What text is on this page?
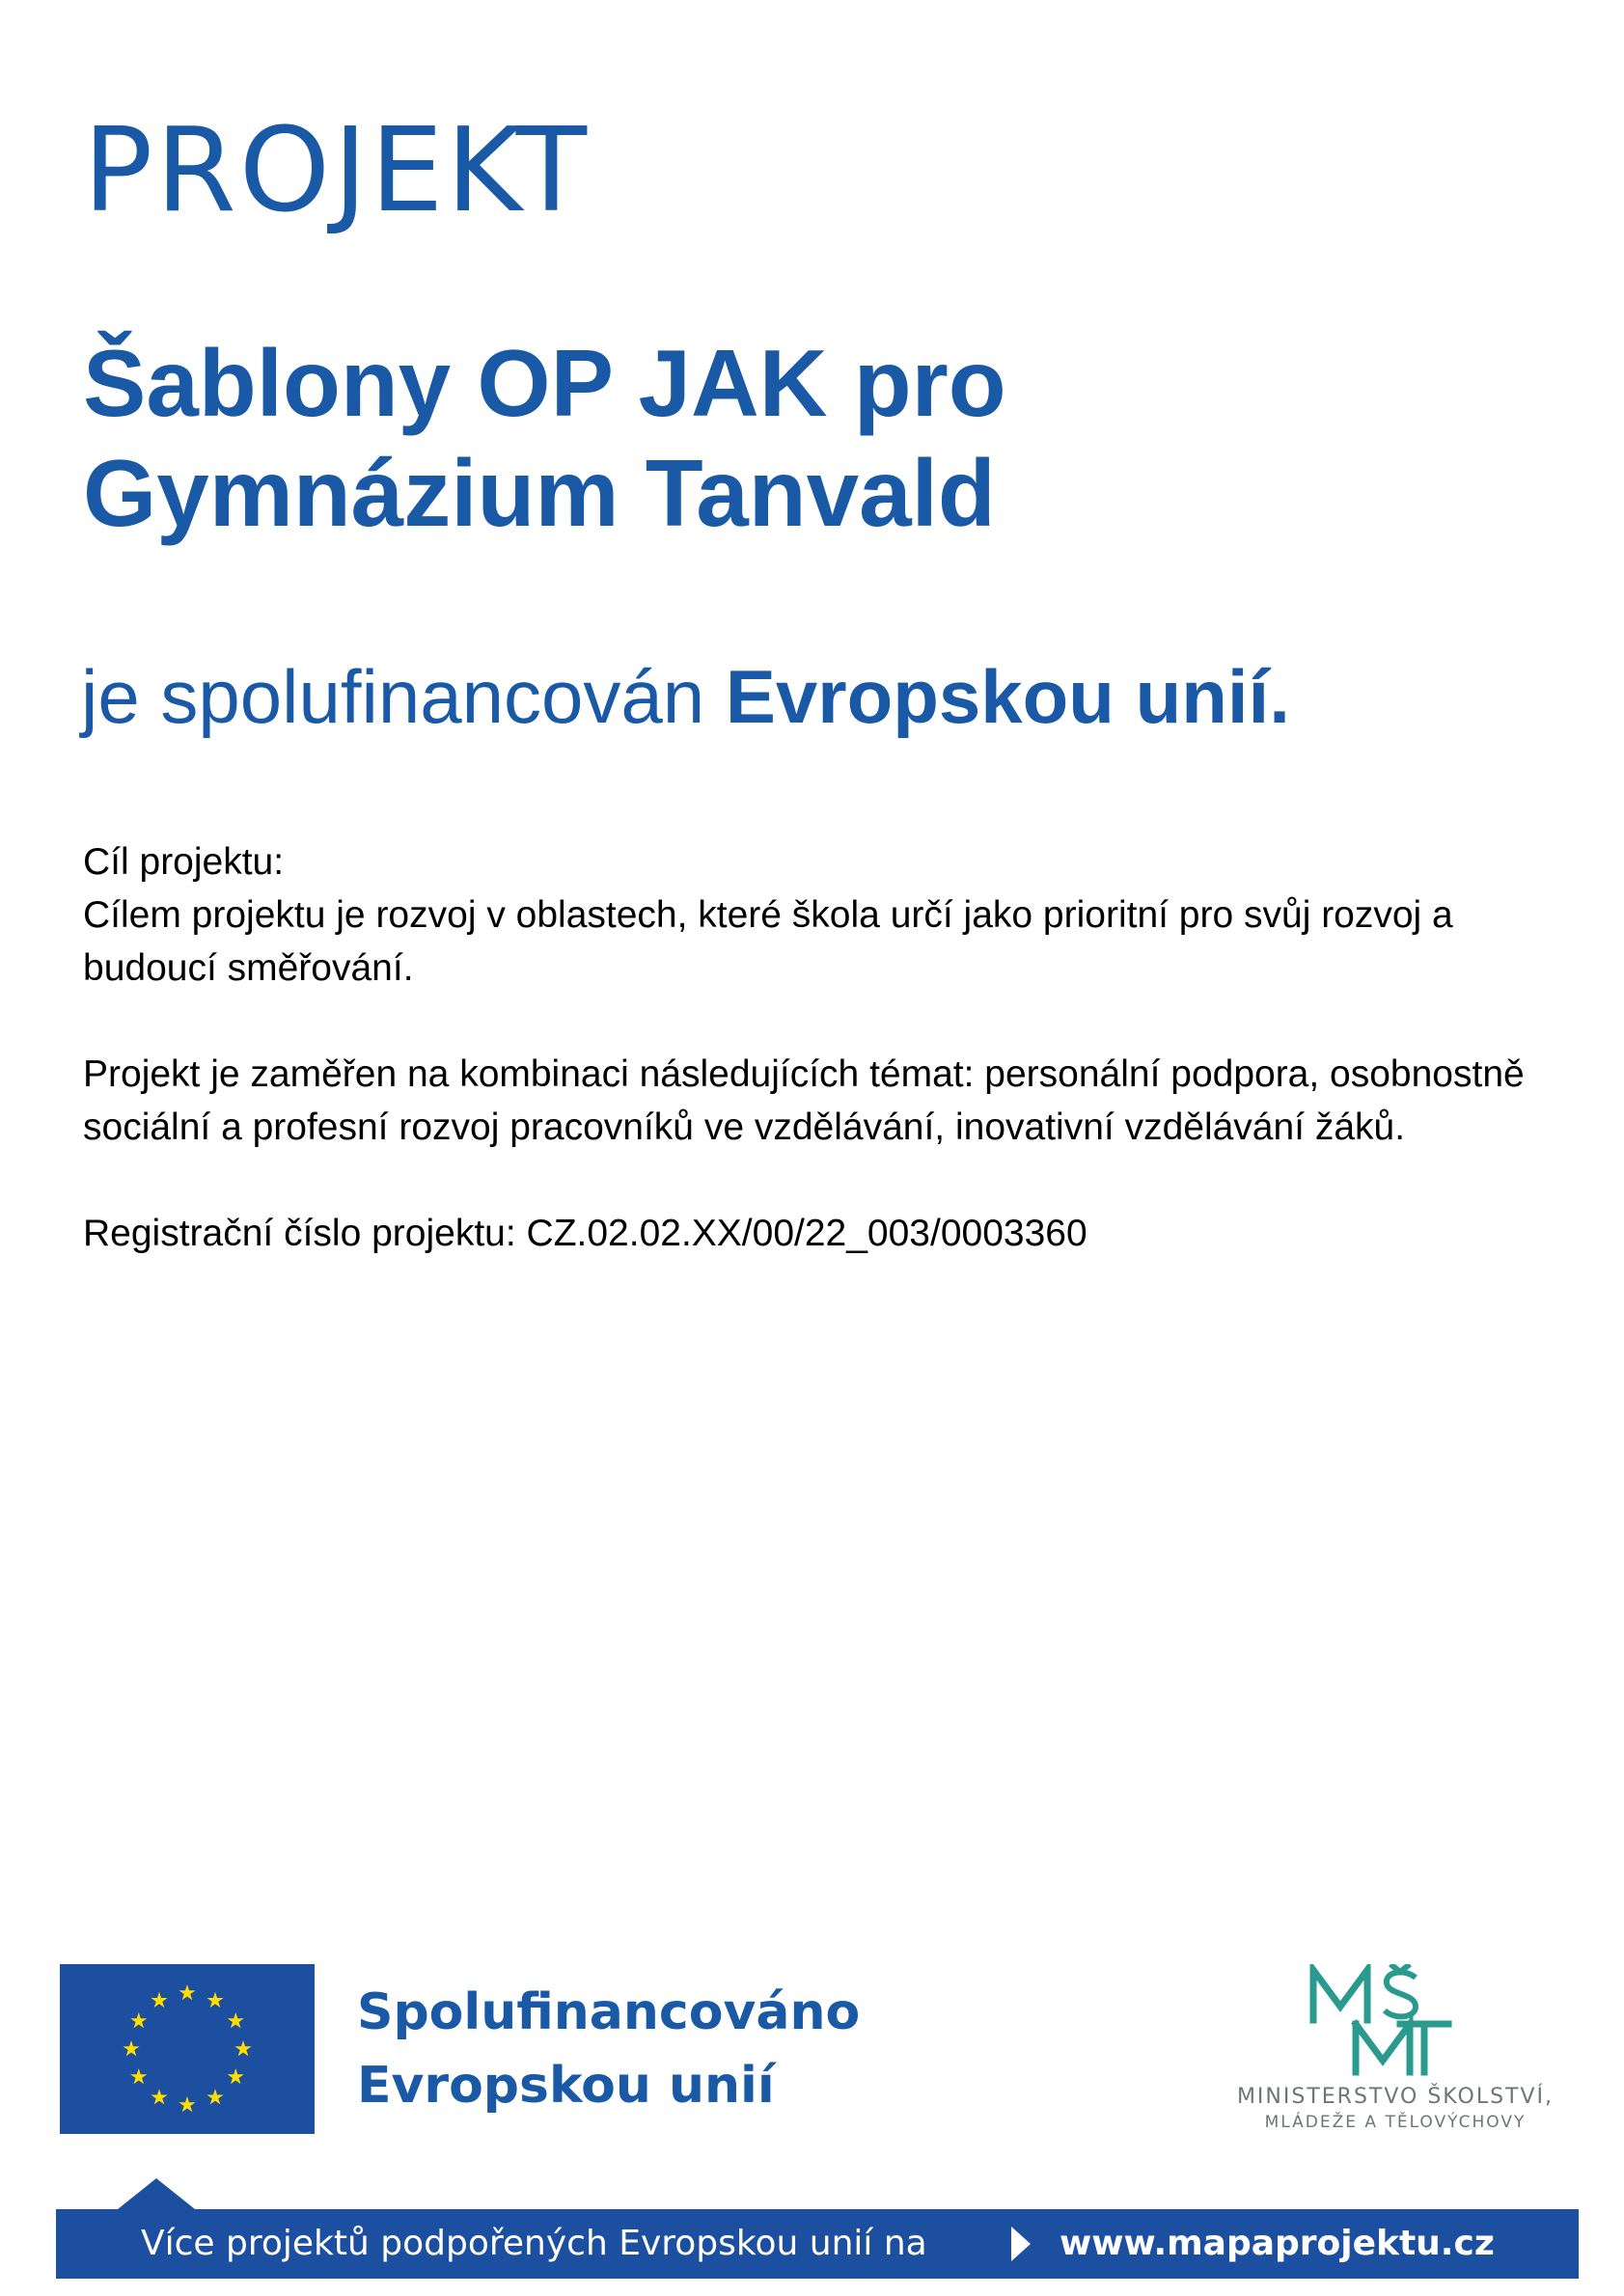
PROJEKT
Šablony OP JAK pro
Gymnázium Tanvald
je spolufinancován Evropskou unií.

Cíl projektu:

Cílem projektu je rozvoj v oblastech, které škola určí jako prioritní pro svůj rozvoj a budoucí směřování.

Projekt je zaměřen na kombinaci následujících témat: personální podpora, osobnostně sociální a profesní rozvoj pracovníků ve vzdělávání, inovativní vzdělávání žáků.

Registrační číslo projektu: CZ.02.02.XX/00/22_003/0003360

Spolufinancováno
Evropskou unií	MINISTERSTVO ŠKOLSTVÍ,
MLÁDEŽE A TĚLOVÝCHOVY
Více projektů podpořených Evropskou unií na	www.mapaprojektu.cz
